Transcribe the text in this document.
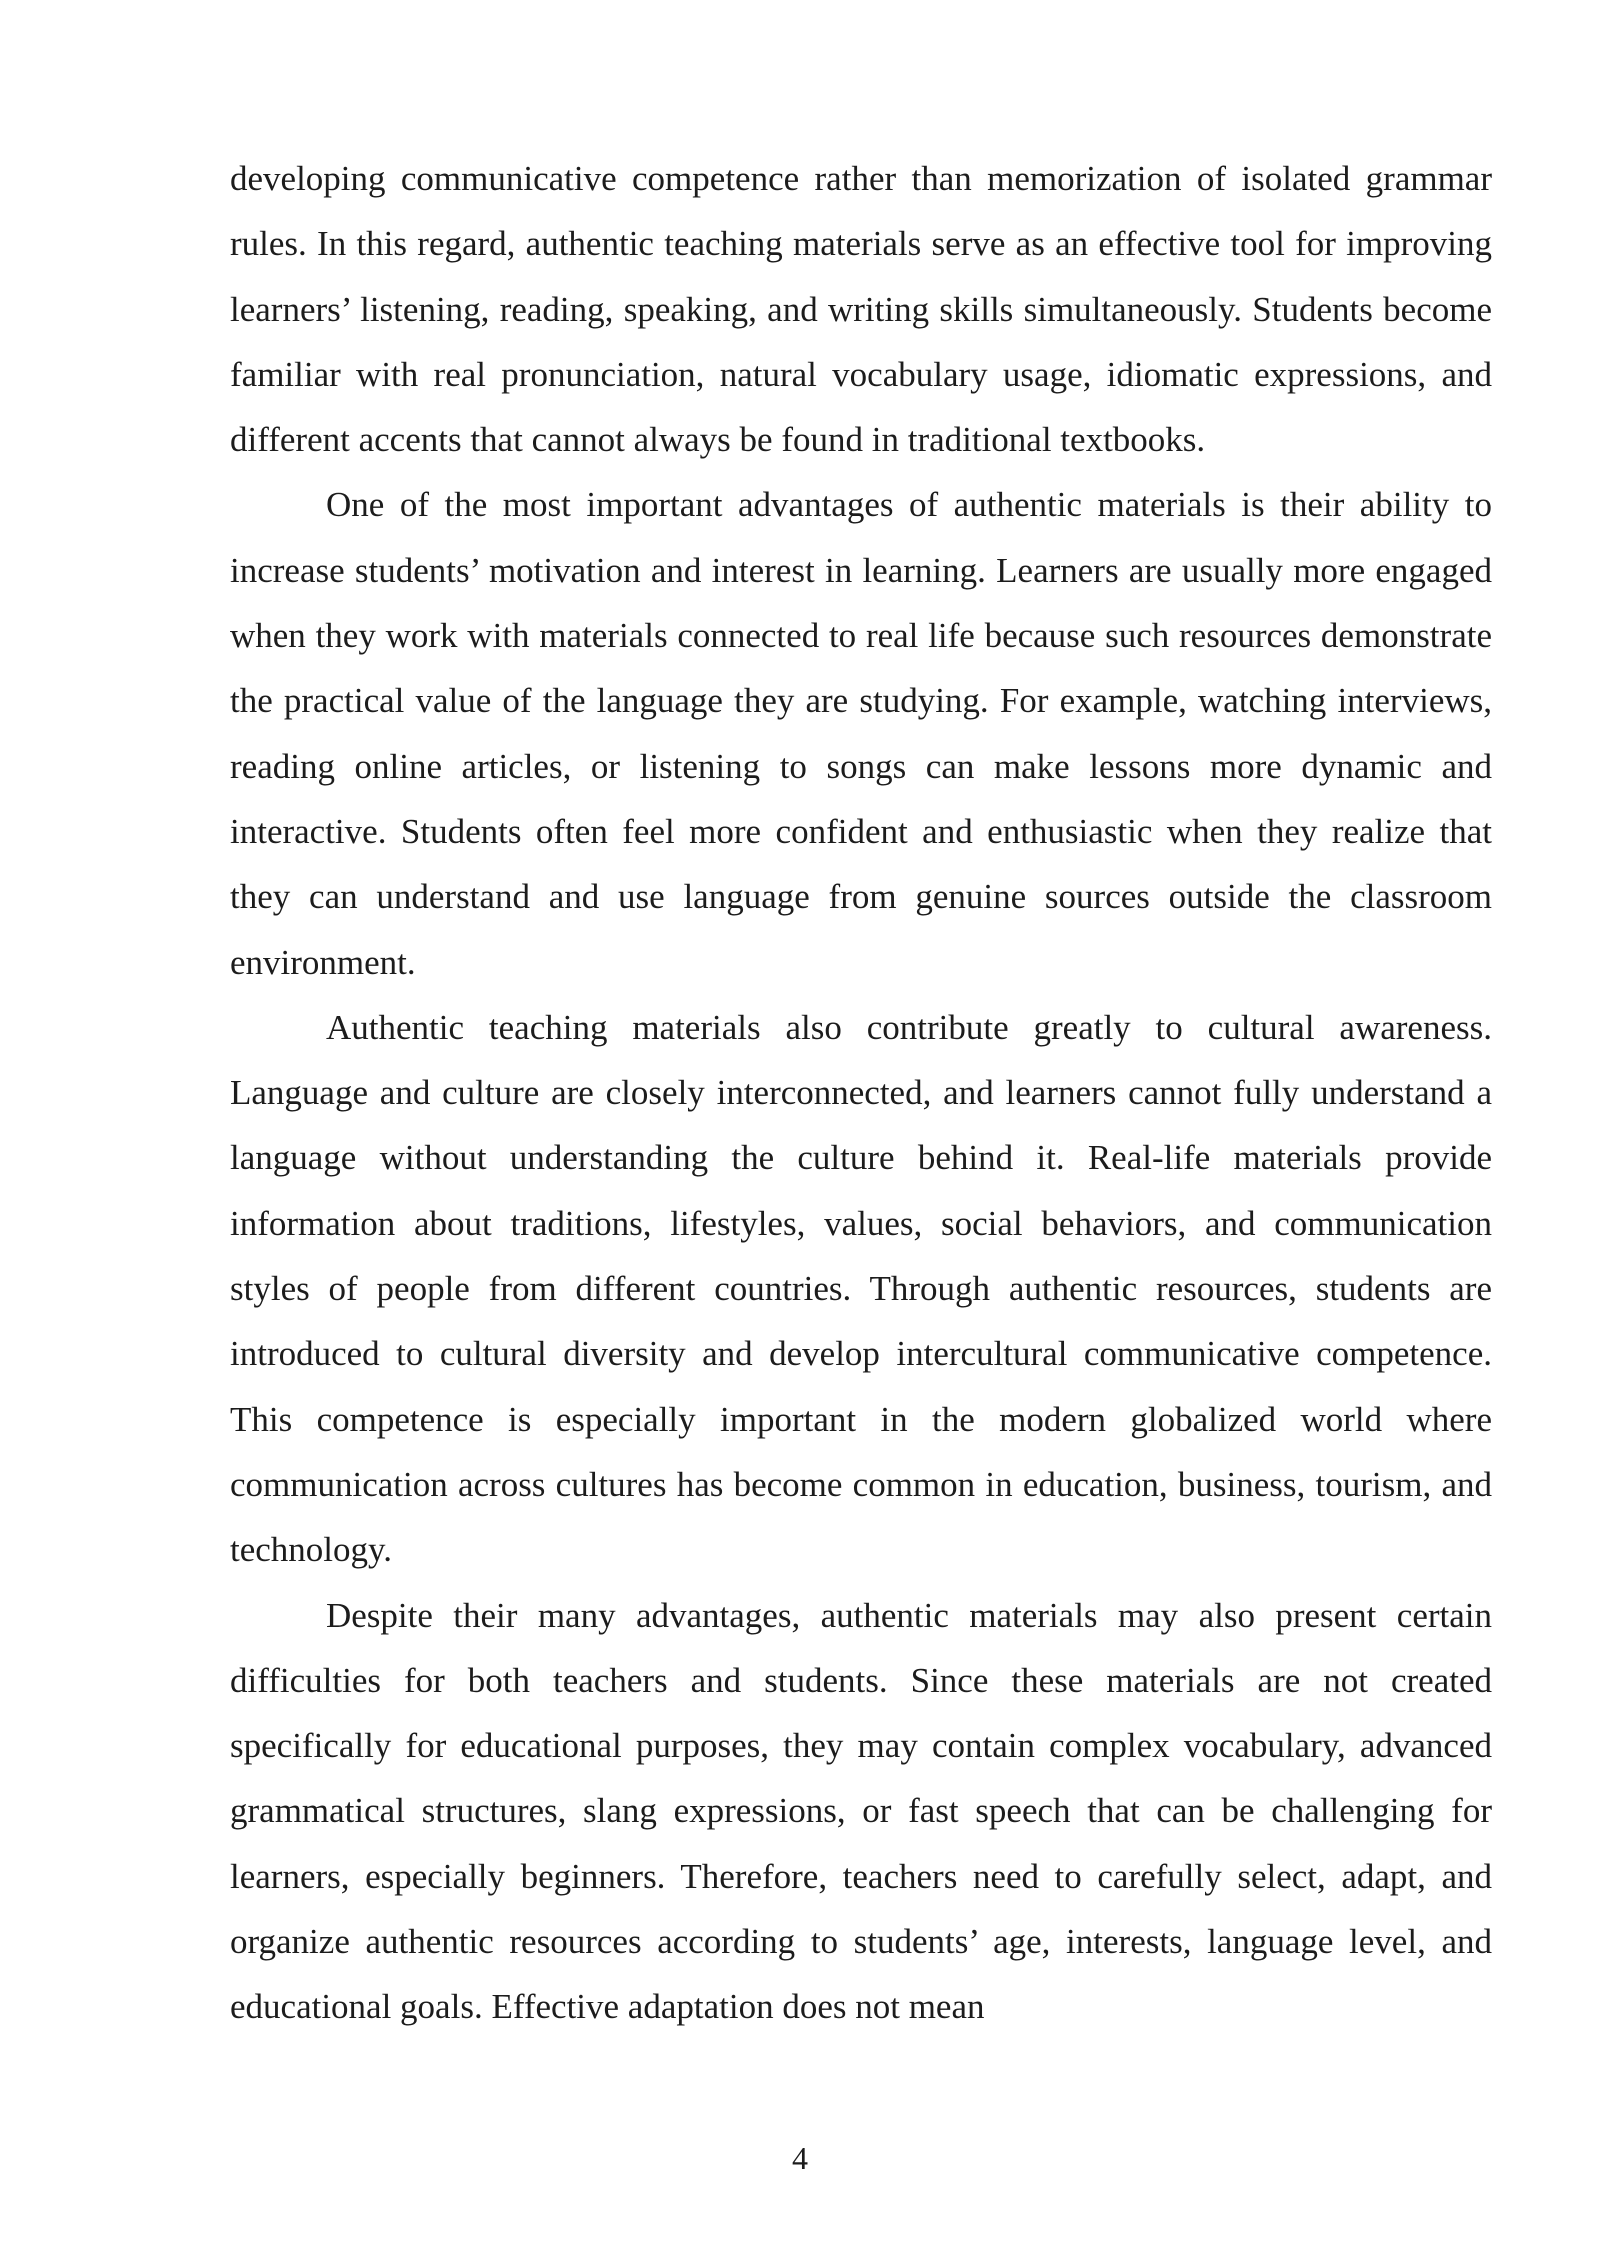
developing communicative competence rather than memorization of isolated grammar rules. In this regard, authentic teaching materials serve as an effective tool for improving learners’ listening, reading, speaking, and writing skills simultaneously. Students become familiar with real pronunciation, natural vocabulary usage, idiomatic expressions, and different accents that cannot always be found in traditional textbooks.

One of the most important advantages of authentic materials is their ability to increase students’ motivation and interest in learning. Learners are usually more engaged when they work with materials connected to real life because such resources demonstrate the practical value of the language they are studying. For example, watching interviews, reading online articles, or listening to songs can make lessons more dynamic and interactive. Students often feel more confident and enthusiastic when they realize that they can understand and use language from genuine sources outside the classroom environment.

Authentic teaching materials also contribute greatly to cultural awareness. Language and culture are closely interconnected, and learners cannot fully understand a language without understanding the culture behind it. Real-life materials provide information about traditions, lifestyles, values, social behaviors, and communication styles of people from different countries. Through authentic resources, students are introduced to cultural diversity and develop intercultural communicative competence. This competence is especially important in the modern globalized world where communication across cultures has become common in education, business, tourism, and technology.

Despite their many advantages, authentic materials may also present certain difficulties for both teachers and students. Since these materials are not created specifically for educational purposes, they may contain complex vocabulary, advanced grammatical structures, slang expressions, or fast speech that can be challenging for learners, especially beginners. Therefore, teachers need to carefully select, adapt, and organize authentic resources according to students’ age, interests, language level, and educational goals. Effective adaptation does not mean

4
